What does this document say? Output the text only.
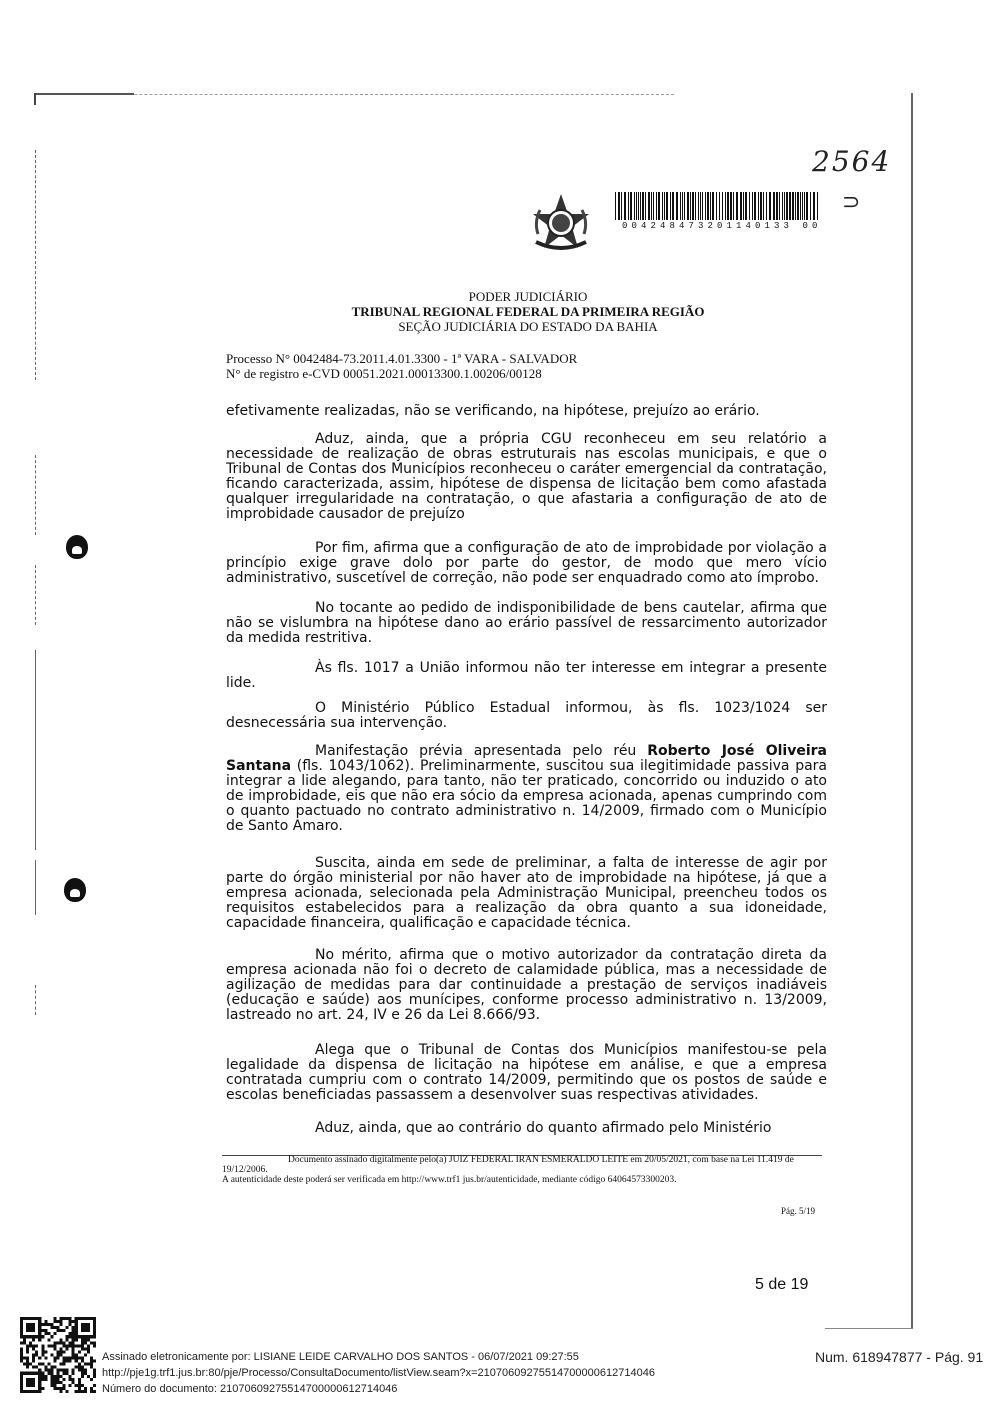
2564
⊃
004248473201140133 00
PODER JUDICIÁRIO
TRIBUNAL REGIONAL FEDERAL DA PRIMEIRA REGIÃO
SEÇÃO JUDICIÁRIA DO ESTADO DA BAHIA
Processo N° 0042484-73.2011.4.01.3300 - 1ª VARA - SALVADOR
N° de registro e-CVD 00051.2021.00013300.1.00206/00128
efetivamente realizadas, não se verificando, na hipótese, prejuízo ao erário.
Aduz, ainda, que a própria CGU reconheceu em seu relatório a necessidade de realização de obras estruturais nas escolas municipais, e que o Tribunal de Contas dos Municípios reconheceu o caráter emergencial da contratação, ficando caracterizada, assim, hipótese de dispensa de licitação bem como afastada qualquer irregularidade na contratação, o que afastaria a configuração de ato de improbidade causador de prejuízo
Por fim, afirma que a configuração de ato de improbidade por violação a princípio exige grave dolo por parte do gestor, de modo que mero vício administrativo, suscetível de correção, não pode ser enquadrado como ato ímprobo.
No tocante ao pedido de indisponibilidade de bens cautelar, afirma que não se vislumbra na hipótese dano ao erário passível de ressarcimento autorizador da medida restritiva.
Às fls. 1017 a União informou não ter interesse em integrar a presente lide.
O Ministério Público Estadual informou, às fls. 1023/1024 ser desnecessária sua intervenção.
Manifestação prévia apresentada pelo réu Roberto José Oliveira Santana (fls. 1043/1062). Preliminarmente, suscitou sua ilegitimidade passiva para integrar a lide alegando, para tanto, não ter praticado, concorrido ou induzido o ato de improbidade, eis que não era sócio da empresa acionada, apenas cumprindo com o quanto pactuado no contrato administrativo n. 14/2009, firmado com o Município de Santo Amaro.
Suscita, ainda em sede de preliminar, a falta de interesse de agir por parte do órgão ministerial por não haver ato de improbidade na hipótese, já que a empresa acionada, selecionada pela Administração Municipal, preencheu todos os requisitos estabelecidos para a realização da obra quanto a sua idoneidade, capacidade financeira, qualificação e capacidade técnica.
No mérito, afirma que o motivo autorizador da contratação direta da empresa acionada não foi o decreto de calamidade pública, mas a necessidade de agilização de medidas para dar continuidade a prestação de serviços inadiáveis (educação e saúde) aos munícipes, conforme processo administrativo n. 13/2009, lastreado no art. 24, IV e 26 da Lei 8.666/93.
Alega que o Tribunal de Contas dos Municípios manifestou-se pela legalidade da dispensa de licitação na hipótese em análise, e que a empresa contratada cumpriu com o contrato 14/2009, permitindo que os postos de saúde e escolas beneficiadas passassem a desenvolver suas respectivas atividades.
Aduz, ainda, que ao contrário do quanto afirmado pelo Ministério
Documento assinado digitalmente pelo(a) JUIZ FEDERAL IRAN ESMERALDO LEITE em 20/05/2021, com base na Lei 11.419 de 19/12/2006.
A autenticidade deste poderá ser verificada em http://www.trf1 jus.br/autenticidade, mediante código 64064573300203.
Pág. 5/19
5 de 19
Assinado eletronicamente por: LISIANE LEIDE CARVALHO DOS SANTOS - 06/07/2021 09:27:55
http://pje1g.trf1.jus.br:80/pje/Processo/ConsultaDocumento/listView.seam?x=21070609275514700000612714046
Número do documento: 21070609275514700000612714046
Num. 618947877 - Pág. 91
